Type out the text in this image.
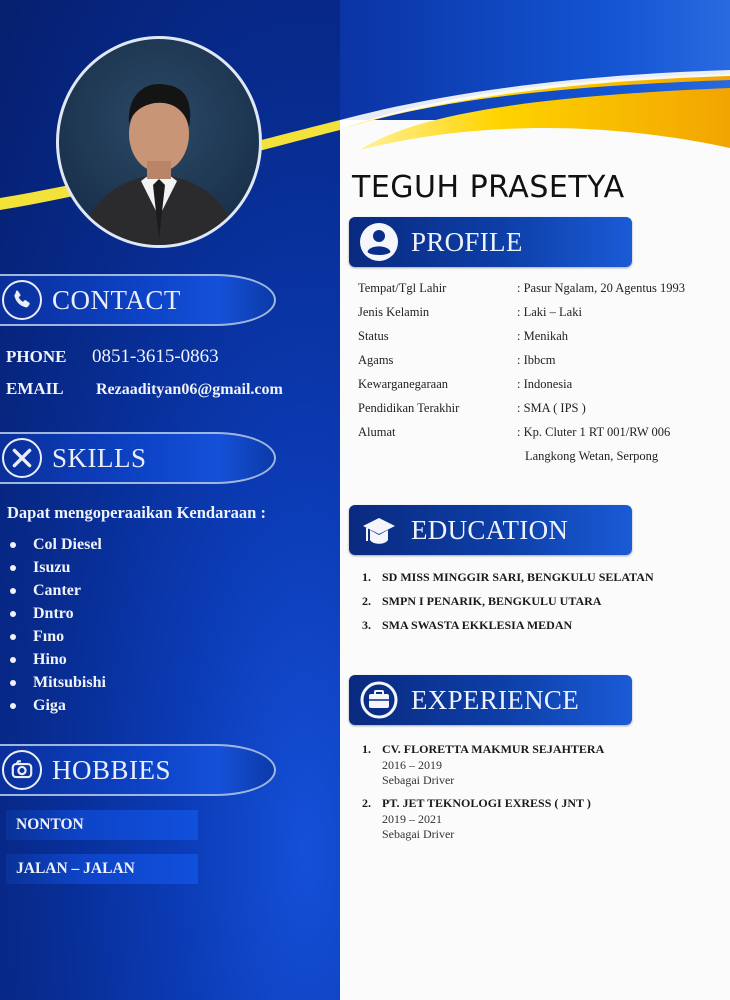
TEGUH PRASETYA
CONTACT
PHONE 0851-3615-0863
EMAIL Rezaadityan06@gmail.com
SKILLS
Dapat mengoperaaikan Kendaraan :
Col Diesel
Isuzu
Canter
Dntro
Fıno
Hino
Mitsubishi
Giga
HOBBIES
NONTON
JALAN – JALAN
PROFILE
Tempat/Tgl Lahir	: Pasur Ngalam, 20 Agentus 1993
Jenis Kelamin	: Laki – Laki
Status	: Menikah
Agams	: Ibbcm
Kewarganegaraan	: Indonesia
Pendidikan Terakhir	: SMA ( IPS )
Alumat	: Kp. Cluter 1 RT 001/RW 006
Langkong Wetan, Serpong
EDUCATION
1. SD MISS MINGGIR SARI, BENGKULU SELATAN
2. SMPN I PENARIK, BENGKULU UTARA
3. SMA SWASTA EKKLESIA MEDAN
EXPERIENCE
1. CV. FLORETTA MAKMUR SEJAHTERA
2016 – 2019
Sebagai Driver
2. PT. JET TEKNOLOGI EXRESS ( JNT )
2019 – 2021
Sebagai Driver
